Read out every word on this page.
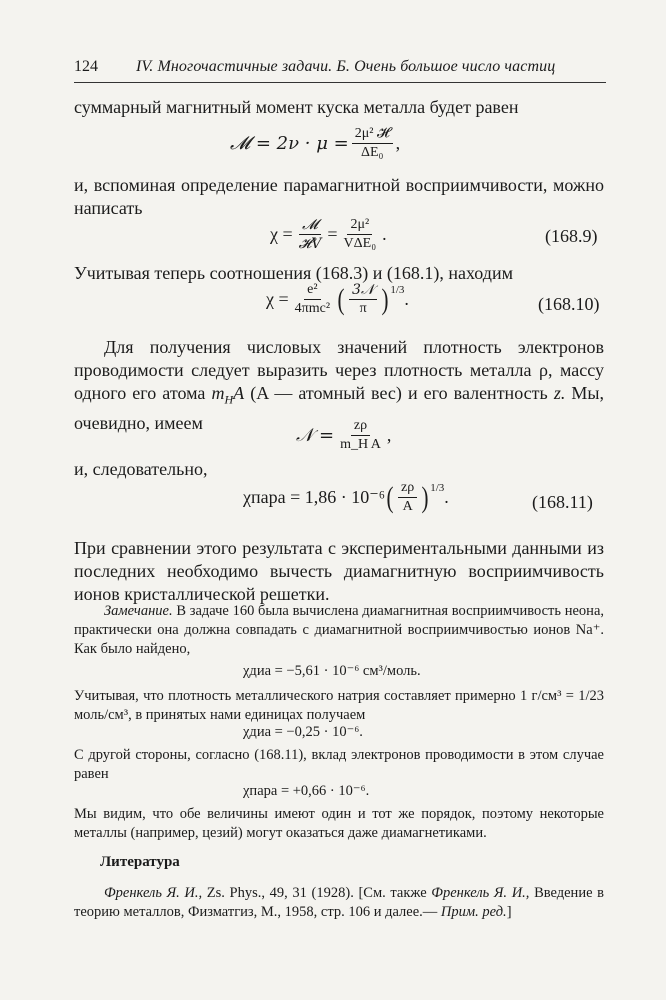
124	IV. Многочастичные задачи. Б. Очень большое число частиц
суммарный магнитный момент куска металла будет равен
𝓜 = $2\nu \cdot \mu = \frac{\text{2μ² 𝓗}}{\text{ΔE₀}}$ ,
и, вспоминая определение парамагнитной восприимчивости, можно написать
$\chi = \frac{\text{𝓜}}{\text{𝓗V}} = \frac{\text{2μ²}}{\text{VΔE₀}}$ .	(168.9)
Учитывая теперь соотношения (168.3) и (168.1), находим
$\chi = \frac{\text{e²}}{\text{4πmc²}}$ ( $\frac{\text{3𝒩}}{\pi} )^{1/3}$ .	(168.10)
Для получения числовых значений плотность электронов проводимости следует выразить через плотность металла ρ, массу одного его атома $m_HA$ (A — атомный вес) и его валентность z. Мы, очевидно, имеем
𝒩 = $\frac{z\rho}{\text{m\_H A}}$ ,
и, следовательно,
χпара = 1,86 · 10⁻⁶ ( $\frac{z\rho}{A} )^{1/3}$ .	(168.11)
При сравнении этого результата с экспериментальными данными из последних необходимо вычесть диамагнитную восприимчивость ионов кристаллической решетки.
Замечание. В задаче 160 была вычислена диамагнитная восприимчивость неона, практически она должна совпадать с диамагнитной восприимчивостью ионов Na⁺. Как было найдено,
χдиа = −5,61 · 10⁻⁶ см³/моль.
Учитывая, что плотность металлического натрия составляет примерно 1 г/см³ = 1/23 моль/см³, в принятых нами единицах получаем
χдиа = −0,25 · 10⁻⁶.
С другой стороны, согласно (168.11), вклад электронов проводимости в этом случае равен
χпара = +0,66 · 10⁻⁶.
Мы видим, что обе величины имеют один и тот же порядок, поэтому некоторые металлы (например, цезий) могут оказаться даже диамагнетиками.
Литература
Френкель Я. И., Zs. Phys., 49, 31 (1928). [См. также Френкель Я. И., Введение в теорию металлов, Физматгиз, М., 1958, стр. 106 и далее.— Прим. ред.]
